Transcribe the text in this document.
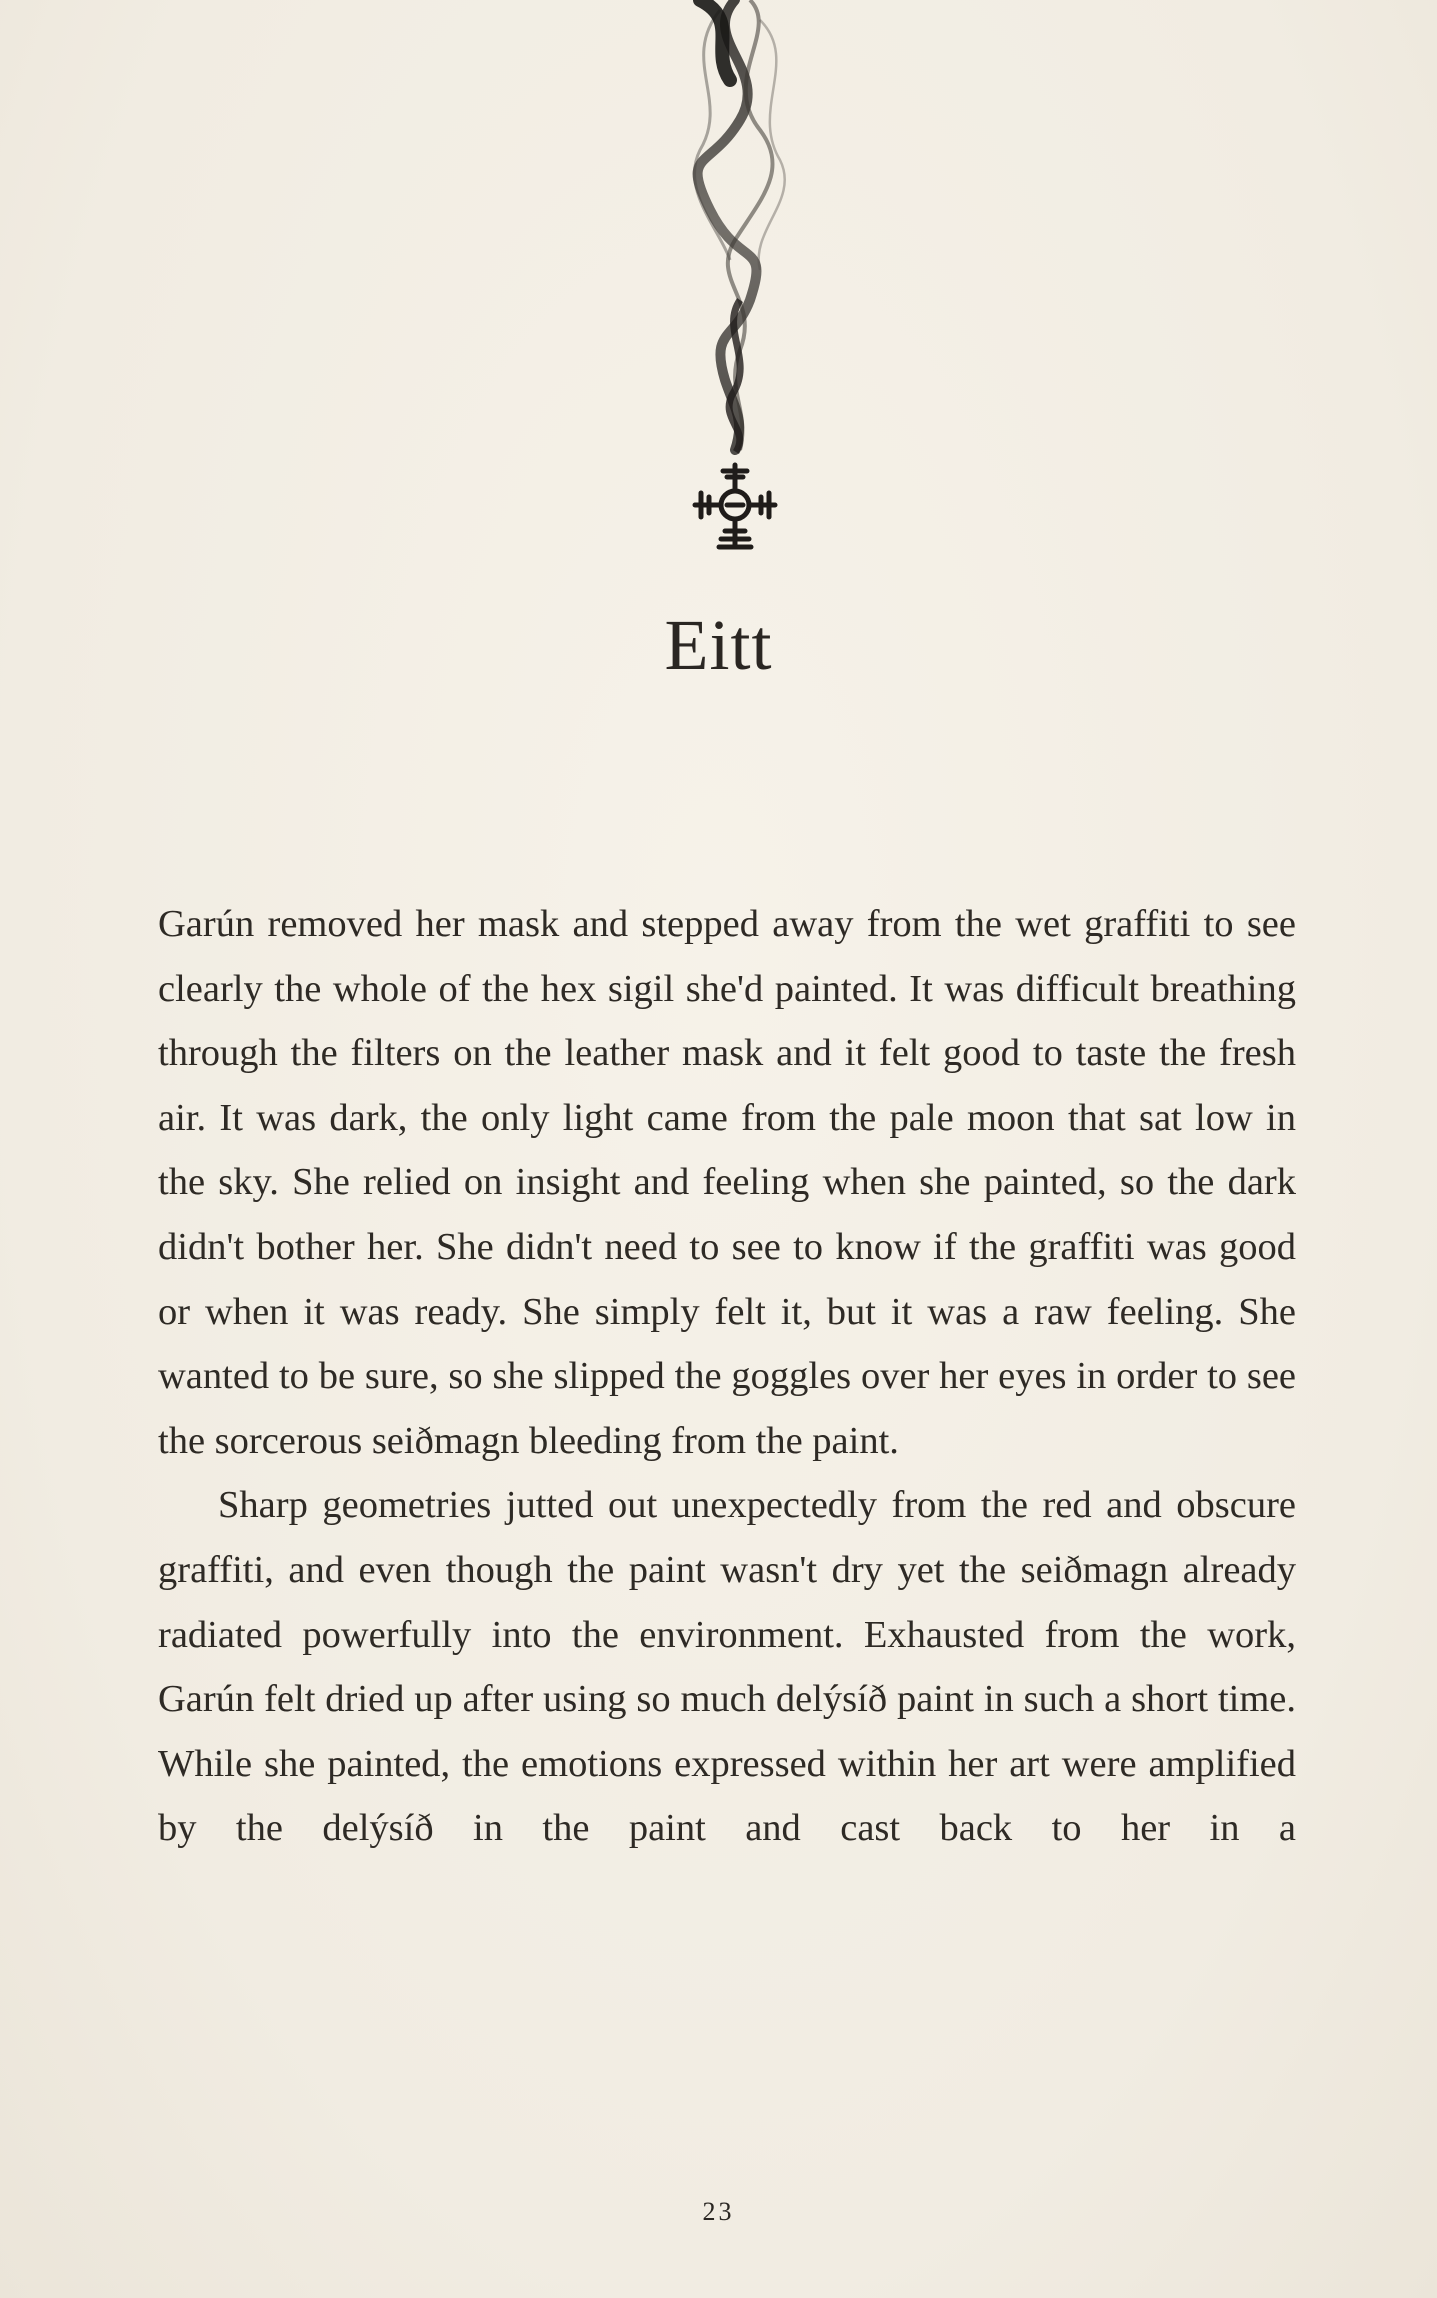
Eitt

Garún removed her mask and stepped away from the wet graffiti to see clearly the whole of the hex sigil she'd painted. It was difficult breathing through the filters on the leather mask and it felt good to taste the fresh air. It was dark, the only light came from the pale moon that sat low in the sky. She relied on insight and feeling when she painted, so the dark didn't bother her. She didn't need to see to know if the graffiti was good or when it was ready. She simply felt it, but it was a raw feeling. She wanted to be sure, so she slipped the goggles over her eyes in order to see the sorcerous seiðmagn bleeding from the paint.

Sharp geometries jutted out unexpectedly from the red and obscure graffiti, and even though the paint wasn't dry yet the seiðmagn already radiated powerfully into the environment. Exhausted from the work, Garún felt dried up after using so much delýsíð paint in such a short time. While she painted, the emotions expressed within her art were amplified by the delýsíð in the paint and cast back to her in a

23
